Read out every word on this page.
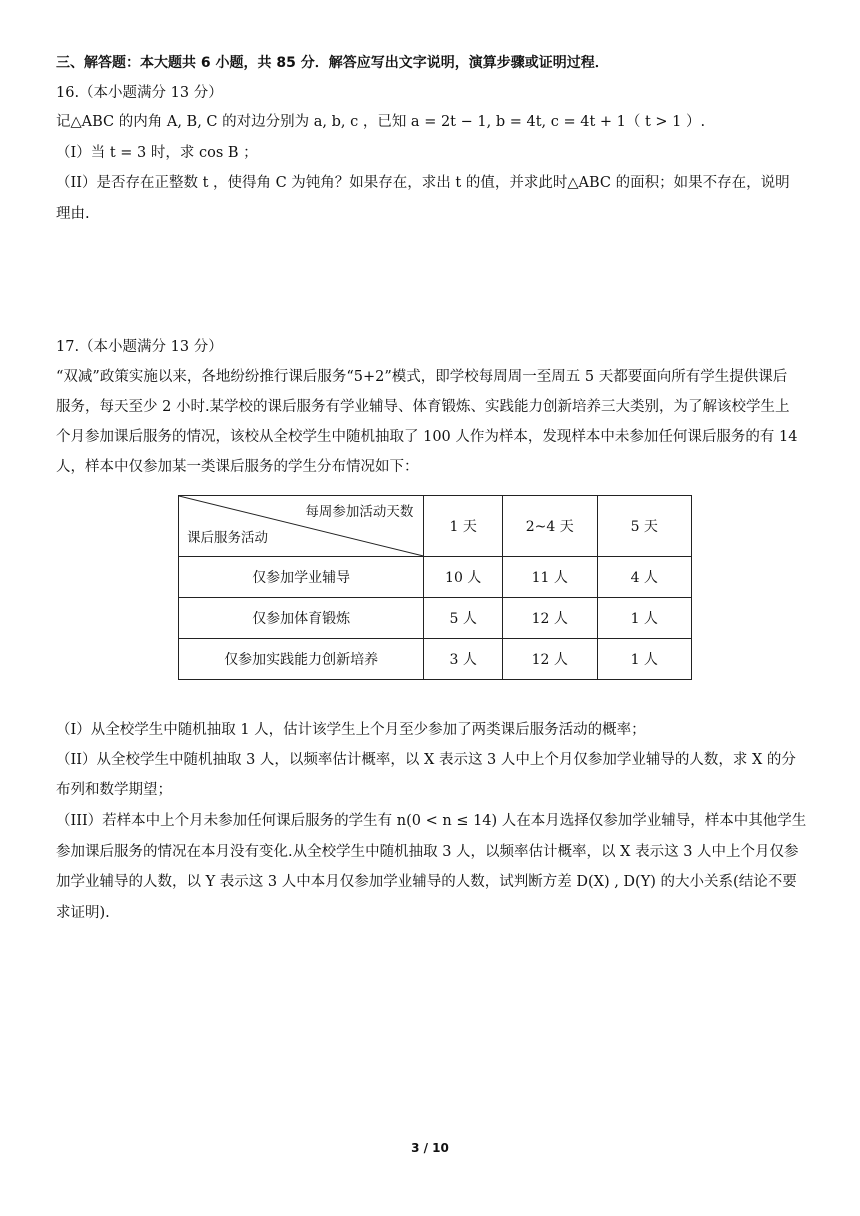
三、解答题：本大题共 6 小题，共 85 分．解答应写出文字说明，演算步骤或证明过程．
16.（本小题满分 13 分）
记△ABC 的内角 A, B, C 的对边分别为 a, b, c ，已知 a = 2t − 1, b = 4t, c = 4t + 1（ t > 1 ）.
（I）当 t = 3 时，求 cos B ；
（II）是否存在正整数 t ，使得角 C 为钝角？如果存在，求出 t 的值，并求此时△ABC 的面积；如果不存在，说明
理由.
17.（本小题满分 13 分）
“双减”政策实施以来，各地纷纷推行课后服务“5+2”模式，即学校每周周一至周五 5 天都要面向所有学生提供课后
服务，每天至少 2 小时.某学校的课后服务有学业辅导、体育锻炼、实践能力创新培养三大类别，为了解该校学生上
个月参加课后服务的情况，该校从全校学生中随机抽取了 100 人作为样本，发现样本中未参加任何课后服务的有 14
人，样本中仅参加某一类课后服务的学生分布情况如下：
每周参加活动天数
课后服务活动	1 天	2~4 天	5 天
仅参加学业辅导	10 人	11 人	4 人
仅参加体育锻炼	5 人	12 人	1 人
仅参加实践能力创新培养	3 人	12 人	1 人
（I）从全校学生中随机抽取 1 人，估计该学生上个月至少参加了两类课后服务活动的概率；
（II）从全校学生中随机抽取 3 人，以频率估计概率，以 X 表示这 3 人中上个月仅参加学业辅导的人数，求 X 的分
布列和数学期望；
（III）若样本中上个月未参加任何课后服务的学生有 n(0 < n ≤ 14) 人在本月选择仅参加学业辅导，样本中其他学生
参加课后服务的情况在本月没有变化.从全校学生中随机抽取 3 人，以频率估计概率，以 X 表示这 3 人中上个月仅参
加学业辅导的人数，以 Y 表示这 3 人中本月仅参加学业辅导的人数，试判断方差 D(X) , D(Y) 的大小关系(结论不要
求证明).
3 / 10
